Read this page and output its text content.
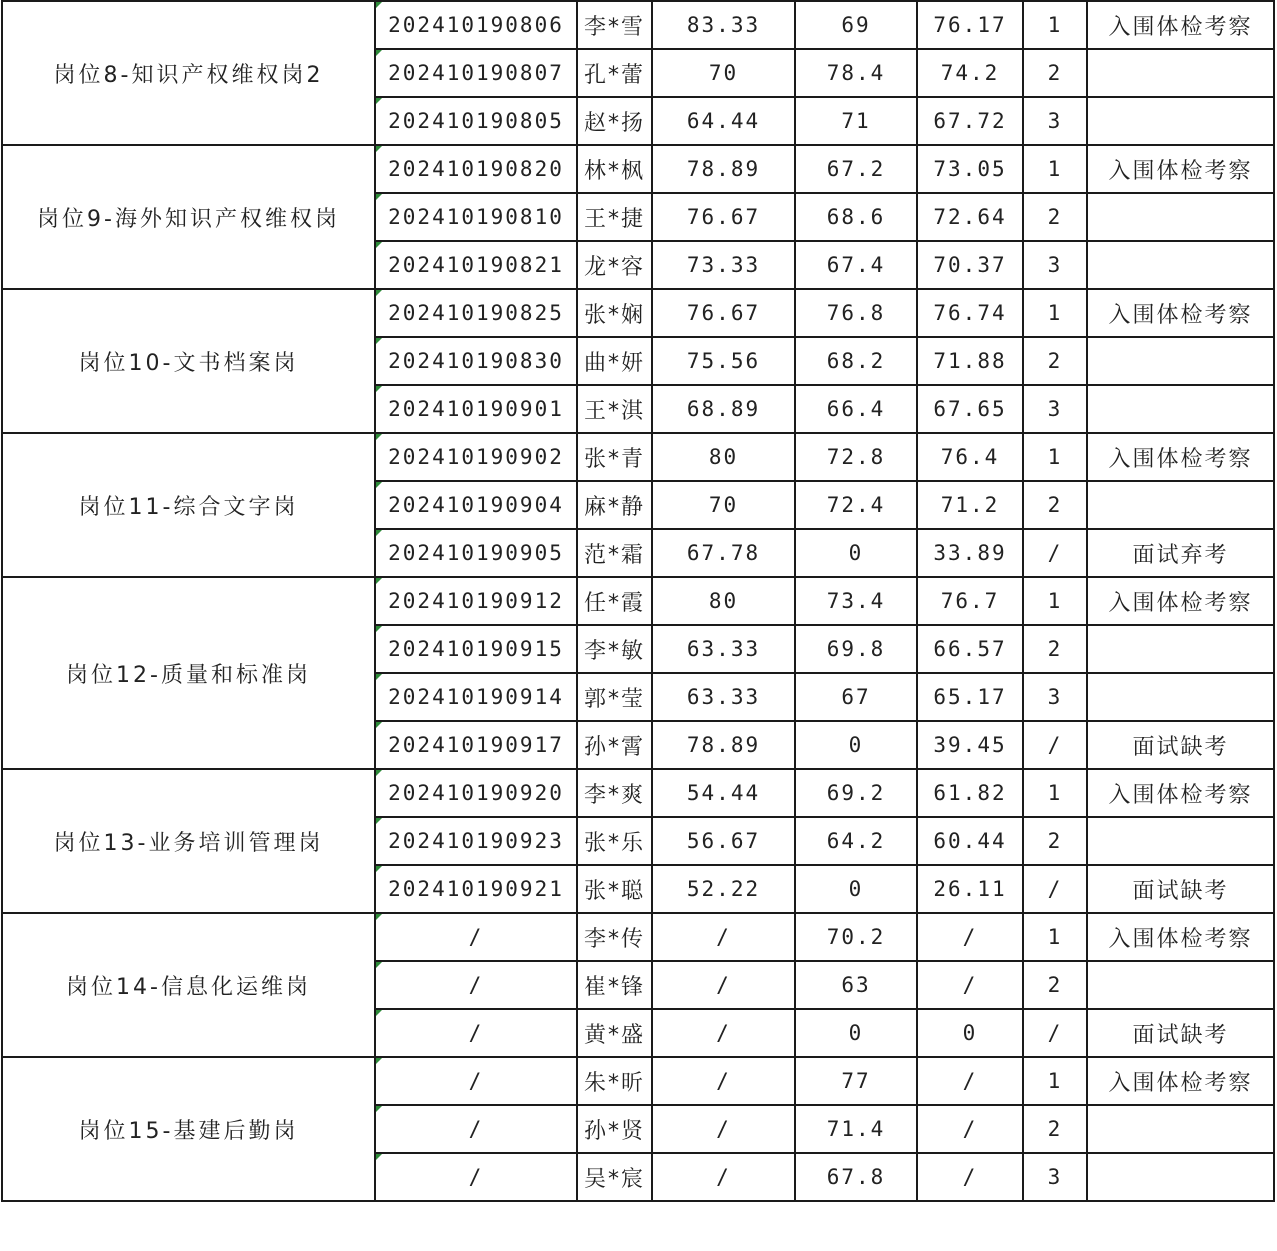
岗位8-知识产权维权岗2	202410190806	李*雪	83.33	69	76.17	1	入围体检考察
	202410190807	孔*蕾	70	78.4	74.2	2	
	202410190805	赵*扬	64.44	71	67.72	3	
岗位9-海外知识产权维权岗	202410190820	林*枫	78.89	67.2	73.05	1	入围体检考察
	202410190810	王*捷	76.67	68.6	72.64	2	
	202410190821	龙*容	73.33	67.4	70.37	3	
岗位10-文书档案岗	202410190825	张*娴	76.67	76.8	76.74	1	入围体检考察
	202410190830	曲*妍	75.56	68.2	71.88	2	
	202410190901	王*淇	68.89	66.4	67.65	3	
岗位11-综合文字岗	202410190902	张*青	80	72.8	76.4	1	入围体检考察
	202410190904	麻*静	70	72.4	71.2	2	
	202410190905	范*霜	67.78	0	33.89	/	面试弃考
岗位12-质量和标准岗	202410190912	任*霞	80	73.4	76.7	1	入围体检考察
	202410190915	李*敏	63.33	69.8	66.57	2	
	202410190914	郭*莹	63.33	67	65.17	3	
	202410190917	孙*霄	78.89	0	39.45	/	面试缺考
岗位13-业务培训管理岗	202410190920	李*爽	54.44	69.2	61.82	1	入围体检考察
	202410190923	张*乐	56.67	64.2	60.44	2	
	202410190921	张*聪	52.22	0	26.11	/	面试缺考
岗位14-信息化运维岗	/	李*传	/	70.2	/	1	入围体检考察
	/	崔*锋	/	63	/	2	
	/	黄*盛	/	0	0	/	面试缺考
岗位15-基建后勤岗	/	朱*昕	/	77	/	1	入围体检考察
	/	孙*贤	/	71.4	/	2	
	/	吴*宸	/	67.8	/	3	
